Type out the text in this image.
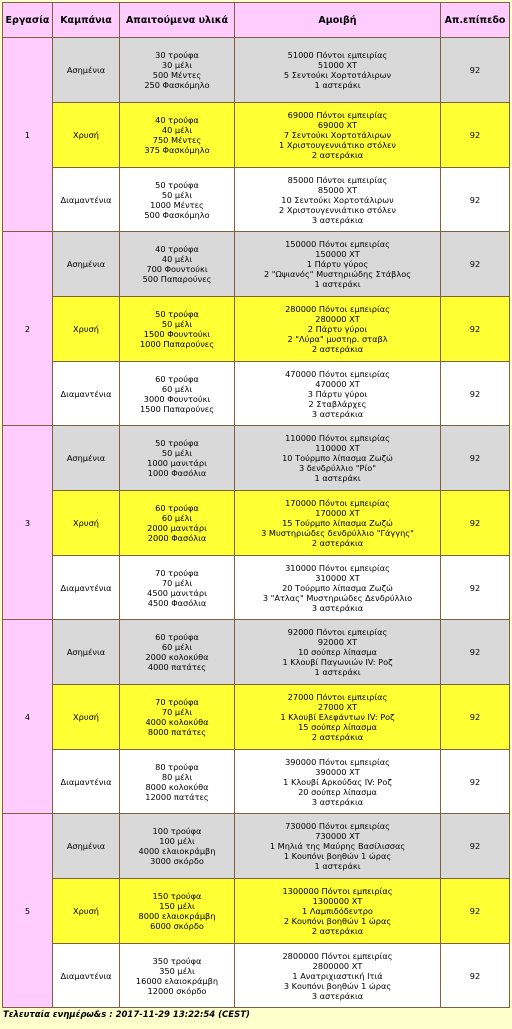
Εργασία	Καμπάνια	Απαιτούμενα υλικά	Αμοιβή	Απ.επίπεδο
1	Ασημένια	30 τρούφα
30 μέλι
500 Μέντες
250 Φασκόμηλο	51000 Πόντοι εμπειρίας
51000 ΧΤ
5 Σεντούκι Χορτοτάλιρων
1 αστεράκι	92
	Χρυσή	40 τρούφα
40 μέλι
750 Μέντες
375 Φασκόμηλο	69000 Πόντοι εμπειρίας
69000 ΧΤ
7 Σεντούκι Χορτοτάλιρων
1 Χριστουγεννιάτικο στόλεν
2 αστεράκια	92
	Διαμαντένια	50 τρούφα
50 μέλι
1000 Μέντες
500 Φασκόμηλο	85000 Πόντοι εμπειρίας
85000 ΧΤ
10 Σεντούκι Χορτοτάλιρων
2 Χριστουγεννιάτικο στόλεν
3 αστεράκια	92
2	Ασημένια	40 τρούφα
40 μέλι
700 Φουντούκι
500 Παπαρούνες	150000 Πόντοι εμπειρίας
150000 ΧΤ
1 Πάρτυ γύρος
2 "Ωψιανός" Μυστηριώδης Στάβλος
1 αστεράκι	92
	Χρυσή	50 τρούφα
50 μέλι
1500 Φουντούκι
1000 Παπαρούνες	280000 Πόντοι εμπειρίας
280000 ΧΤ
2 Πάρτυ γύροι
2 "Λύρα" μυστηρ. σταβλ
2 αστεράκια	92
	Διαμαντένια	60 τρούφα
60 μέλι
3000 Φουντούκι
1500 Παπαρούνες	470000 Πόντοι εμπειρίας
470000 ΧΤ
3 Πάρτυ γύροι
2 Σταβλάρχες
3 αστεράκια	92
3	Ασημένια	50 τρούφα
50 μέλι
1000 μανιτάρι
1000 Φασόλια	110000 Πόντοι εμπειρίας
110000 ΧΤ
10 Τούρμπο λίπασμα Ζωζώ
3 δενδρύλλιο "Ρίο"
1 αστεράκι	92
	Χρυσή	60 τρούφα
60 μέλι
2000 μανιτάρι
2000 Φασόλια	170000 Πόντοι εμπειρίας
170000 ΧΤ
15 Τούρμπο λίπασμα Ζωζώ
3 Μυστηριώδες δενδρύλλιο "Γάγγης"
2 αστεράκια	92
	Διαμαντένια	70 τρούφα
70 μέλι
4500 μανιτάρι
4500 Φασόλια	310000 Πόντοι εμπειρίας
310000 ΧΤ
20 Τούρμπο λίπασμα Ζωζώ
3 "Ατλας" Μυστηριώδες Δενδρύλλιο
3 αστεράκια	92
4	Ασημένια	60 τρούφα
60 μέλι
2000 κολοκύθα
4000 πατάτες	92000 Πόντοι εμπειρίας
92000 ΧΤ
10 σούπερ λίπασμα
1 Κλουβί Παγωνιών IV: Ροζ
1 αστεράκι	92
	Χρυσή	70 τρούφα
70 μέλι
4000 κολοκύθα
8000 πατάτες	27000 Πόντοι εμπειρίας
27000 ΧΤ
1 Κλουβί Ελεφάντων IV: Ροζ
15 σούπερ λίπασμα
2 αστεράκια	92
	Διαμαντένια	80 τρούφα
80 μέλι
8000 κολοκύθα
12000 πατάτες	390000 Πόντοι εμπειρίας
390000 ΧΤ
1 Κλουβί Αρκούδας IV: Ροζ
20 σούπερ λίπασμα
3 αστεράκια	92
5	Ασημένια	100 τρούφα
100 μέλι
4000 ελαιοκράμβη
3000 σκόρδο	730000 Πόντοι εμπειρίας
730000 ΧΤ
1 Μηλιά της Μαύρης Βασίλισσας
1 Κουπόνι βοηθών 1 ώρας
1 αστεράκι	92
	Χρυσή	150 τρούφα
150 μέλι
8000 ελαιοκράμβη
6000 σκόρδο	1300000 Πόντοι εμπειρίας
1300000 ΧΤ
1 Λαμπιδόδεντρο
2 Κουπόνι βοηθών 1 ώρας
2 αστεράκια	92
	Διαμαντένια	350 τρούφα
350 μέλι
16000 ελαιοκράμβη
12000 σκόρδο	2800000 Πόντοι εμπειρίας
2800000 ΧΤ
1 Ανατριχιαστική Ιτιά
3 Κουπόνι βοηθών 1 ώρας
3 αστεράκια	92
Τελευταία ενημέρω&s : 2017-11-29 13:22:54 (CEST)
